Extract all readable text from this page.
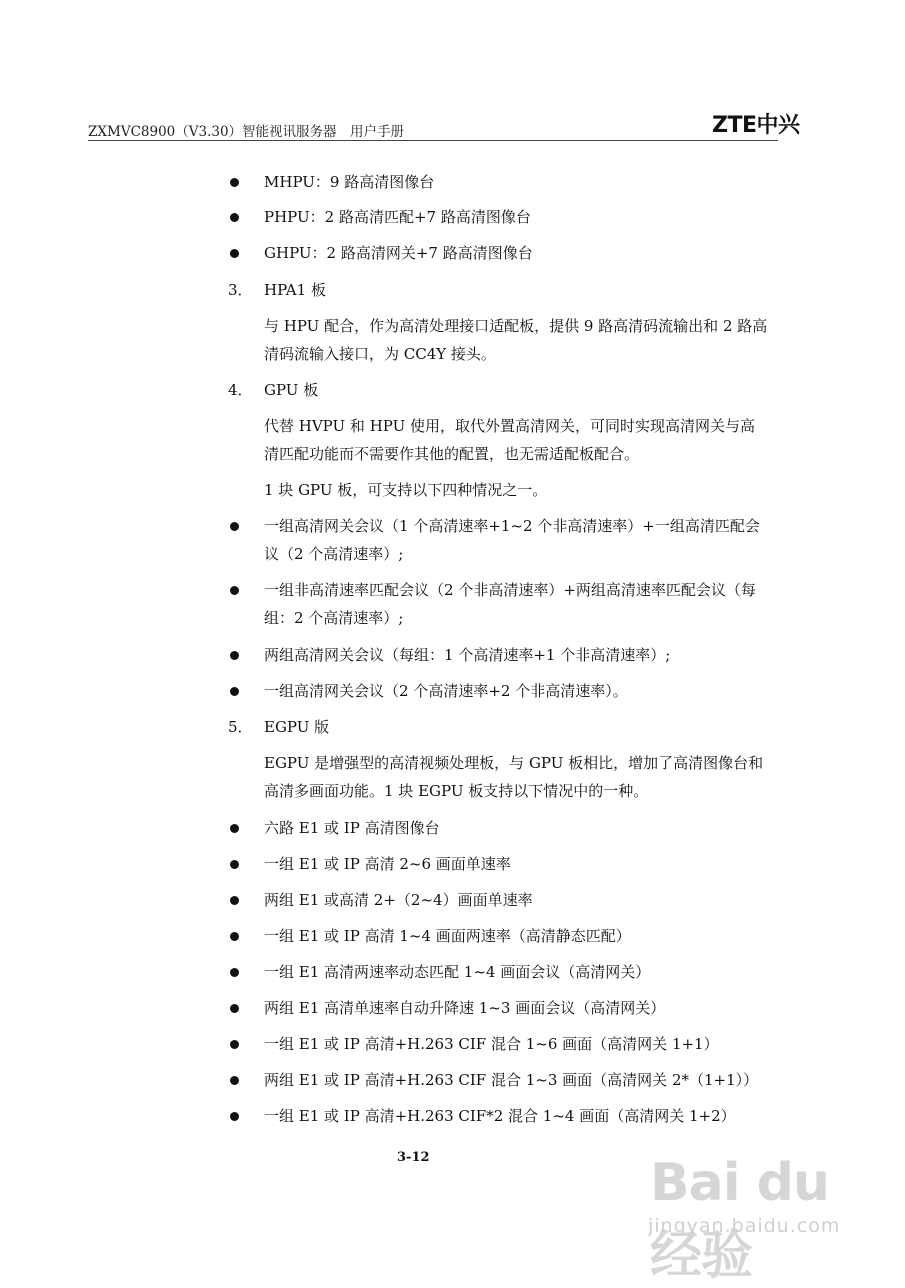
ZXMVC8900（V3.30）智能视讯服务器　用户手册	ZTE中兴
MHPU：9 路高清图像台
PHPU：2 路高清匹配+7 路高清图像台
GHPU：2 路高清网关+7 路高清图像台
3． HPA1 板
与 HPU 配合，作为高清处理接口适配板，提供 9 路高清码流输出和 2 路高
清码流输入接口，为 CC4Y 接头。
4． GPU 板
代替 HVPU 和 HPU 使用，取代外置高清网关，可同时实现高清网关与高
清匹配功能而不需要作其他的配置，也无需适配板配合。
1 块 GPU 板，可支持以下四种情况之一。
一组高清网关会议（1 个高清速率+1~2 个非高清速率）+一组高清匹配会
议（2 个高清速率）;
一组非高清速率匹配会议（2 个非高清速率）+两组高清速率匹配会议（每
组：2 个高清速率）;
两组高清网关会议（每组：1 个高清速率+1 个非高清速率）;
一组高清网关会议（2 个高清速率+2 个非高清速率）。
5． EGPU 版
EGPU 是增强型的高清视频处理板，与 GPU 板相比，增加了高清图像台和
高清多画面功能。1 块 EGPU 板支持以下情况中的一种。
六路 E1 或 IP 高清图像台
一组 E1 或 IP 高清 2~6 画面单速率
两组 E1 或高清 2+（2~4）画面单速率
一组 E1 或 IP 高清 1~4 画面两速率（高清静态匹配）
一组 E1 高清两速率动态匹配 1~4 画面会议（高清网关）
两组 E1 高清单速率自动升降速 1~3 画面会议（高清网关）
一组 E1 或 IP 高清+H.263 CIF 混合 1~6 画面（高清网关 1+1）
两组 E1 或 IP 高清+H.263 CIF 混合 1~3 画面（高清网关 2*（1+1））
一组 E1 或 IP 高清+H.263 CIF*2 混合 1~4 画面（高清网关 1+2）
3-12	Bai du 经验
jingyan.baidu.com
